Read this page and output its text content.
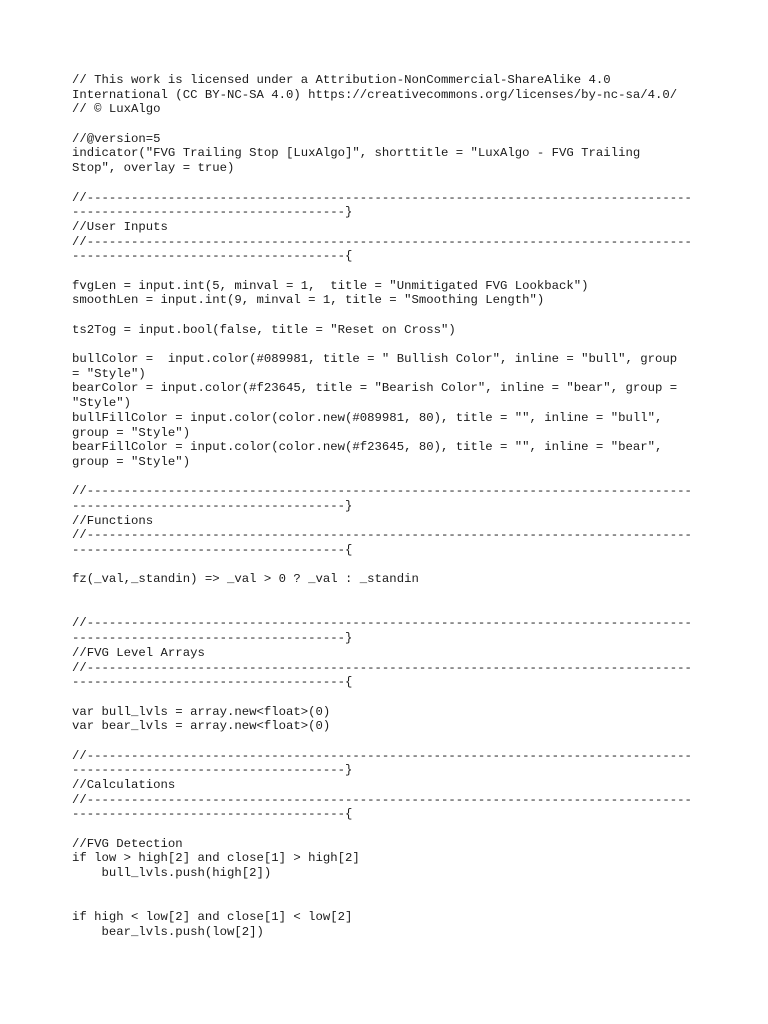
// This work is licensed under a Attribution-NonCommercial-ShareAlike 4.0
International (CC BY-NC-SA 4.0) https://creativecommons.org/licenses/by-nc-sa/4.0/
// © LuxAlgo
//@version=5
indicator("FVG Trailing Stop [LuxAlgo]", shorttitle = "LuxAlgo - FVG Trailing
Stop", overlay = true)
//----------------------------------------------------------------------------------
-------------------------------------}
//User Inputs
//----------------------------------------------------------------------------------
-------------------------------------{
fvgLen = input.int(5, minval = 1,  title = "Unmitigated FVG Lookback")
smoothLen = input.int(9, minval = 1, title = "Smoothing Length")
ts2Tog = input.bool(false, title = "Reset on Cross")
bullColor =  input.color(#089981, title = " Bullish Color", inline = "bull", group
= "Style")
bearColor = input.color(#f23645, title = "Bearish Color", inline = "bear", group =
"Style")
bullFillColor = input.color(color.new(#089981, 80), title = "", inline = "bull",
group = "Style")
bearFillColor = input.color(color.new(#f23645, 80), title = "", inline = "bear",
group = "Style")
//----------------------------------------------------------------------------------
-------------------------------------}
//Functions
//----------------------------------------------------------------------------------
-------------------------------------{
fz(_val,_standin) => _val > 0 ? _val : _standin
//----------------------------------------------------------------------------------
-------------------------------------}
//FVG Level Arrays
//----------------------------------------------------------------------------------
-------------------------------------{
var bull_lvls = array.new<float>(0)
var bear_lvls = array.new<float>(0)
//----------------------------------------------------------------------------------
-------------------------------------}
//Calculations
//----------------------------------------------------------------------------------
-------------------------------------{
//FVG Detection
if low > high[2] and close[1] > high[2]
bull_lvls.push(high[2])
if high < low[2] and close[1] < low[2]
bear_lvls.push(low[2])
